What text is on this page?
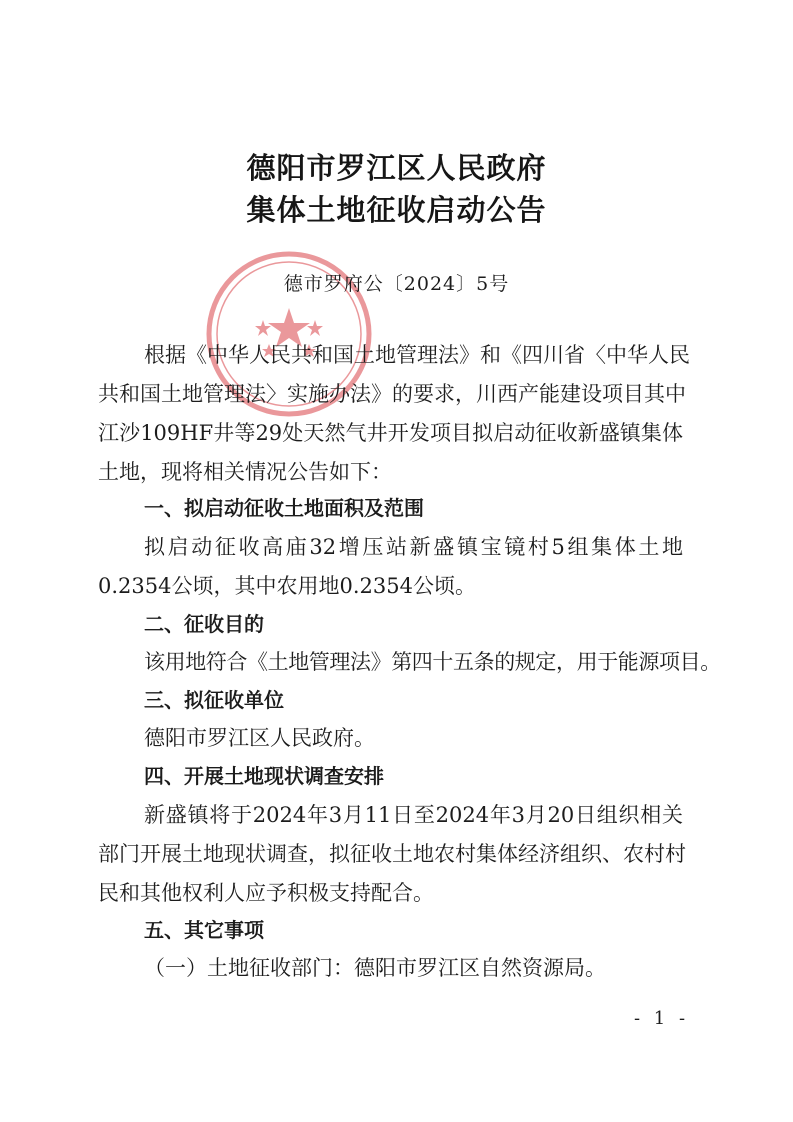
德阳市罗江区人民政府
集体土地征收启动公告
德市罗府公〔2024〕5号
根据《中华人民共和国土地管理法》和《四川省〈中华人民
共和国土地管理法〉实施办法》的要求，川西产能建设项目其中
江沙109HF井等29处天然气井开发项目拟启动征收新盛镇集体
土地，现将相关情况公告如下：
一、拟启动征收土地面积及范围
拟启动征收高庙32增压站新盛镇宝镜村5组集体土地
0.2354公顷，其中农用地0.2354公顷。
二、征收目的
该用地符合《土地管理法》第四十五条的规定，用于能源项目。
三、拟征收单位
德阳市罗江区人民政府。
四、开展土地现状调查安排
新盛镇将于2024年3月11日至2024年3月20日组织相关
部门开展土地现状调查，拟征收土地农村集体经济组织、农村村
民和其他权利人应予积极支持配合。
五、其它事项
（一）土地征收部门：德阳市罗江区自然资源局。
- 1 -
